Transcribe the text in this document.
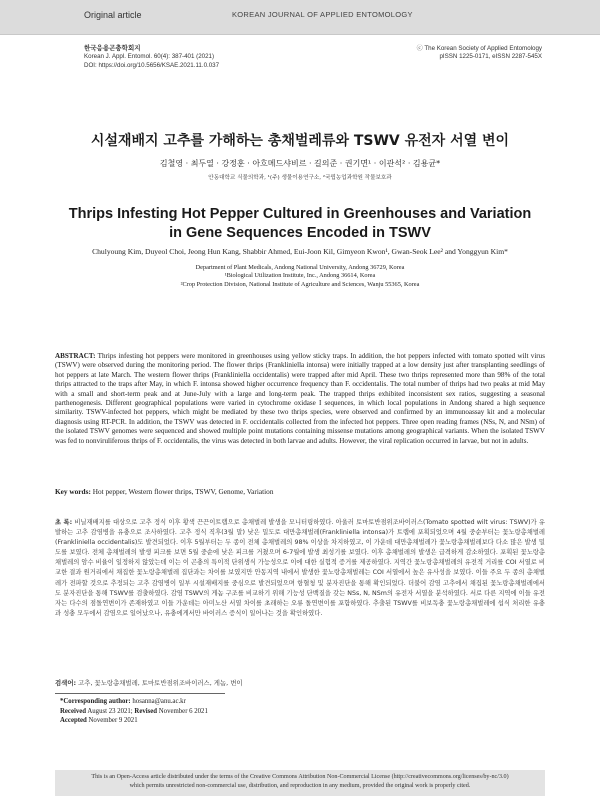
Original article	KOREAN JOURNAL OF APPLIED ENTOMOLOGY
한국응용곤충학회지
Korean J. Appl. Entomol. 60(4): 387-401 (2021)
DOI: https://doi.org/10.5656/KSAE.2021.11.0.037
ⓒ The Korean Society of Applied Entomology
pISSN 1225-0171, eISSN 2287-545X
시설재배지 고추를 가해하는 총채벌레류와 TSWV 유전자 서열 변이
김철영 · 최두열 · 강정훈 · 아흐메드샤비르 · 길의준 · 권기면¹ · 이관석² · 김용균*
안동대학교 식물의학과, ¹(주) 생물이용연구소, ²국립농업과학원 작물보호과
Thrips Infesting Hot Pepper Cultured in Greenhouses and Variation
in Gene Sequences Encoded in TSWV
Chulyoung Kim, Duyeol Choi, Jeong Hun Kang, Shabbir Ahmed, Eui-Joon Kil, Gimyeon Kwon¹, Gwan-Seok Lee² and Yonggyun Kim*
Department of Plant Medicals, Andong National University, Andong 36729, Korea
¹Biological Utilization Institute, Inc., Andong 36614, Korea
²Crop Protection Division, National Institute of Agriculture and Sciences, Wanju 55365, Korea
ABSTRACT: Thrips infesting hot peppers were monitored in greenhouses using yellow sticky traps. In addition, the hot peppers infected with tomato spotted wilt virus (TSWV) were observed during the monitoring period. The flower thrips (Frankliniella intonsa) were initially trapped at a low density just after transplanting seedlings of hot peppers at late March. The western flower thrips (Frankliniella occidentalis) were trapped after mid April. These two thrips represented more than 98% of the total thrips attracted to the traps after May, in which F. intonsa showed higher occurrence frequency than F. occidentalis. The total number of thrips had two peaks at mid May with a small and short-term peak and at June-July with a large and long-term peak. The trapped thrips exhibited inconsistent sex ratios, suggesting a seasonal parthenogenesis. Different geographical populations were varied in cytochrome oxidase I sequences, in which local populations in Andong shared a high sequence similarity. TSWV-infected hot peppers, which might be mediated by these two thrips species, were observed and confirmed by an immunoassay kit and a molecular diagnosis using RT-PCR. In addition, the TSWV was detected in F. occidentalis collected from the infected hot peppers. Three open reading frames (NSs, N, and NSm) of the isolated TSWV genomes were sequenced and showed multiple point mutations containing missense mutations among geographical variants. When the isolated TSWV was fed to nonviruliferous thrips of F. occidentalis, the virus was detected in both larvae and adults. However, the viral replication occurred in larvae, but not in adults.
Key words: Hot pepper, Western flower thrips, TSWV, Genome, Variation
초 록: 비닐재배지를 대상으로 고추 정식 이후 황색 끈끈이트랩으로 총채벌레 발생을 모니터링하였다. 아울러 토마토반점위조바이러스(Tomato spotted wilt virus: TSWV)가 유발하는 고추 감염병을 유충으로 조사하였다. 고추 정식 직후(3월 말) 낮은 밀도로 대만총채벌레(Frankliniella intonsa)가 트랩에 포획되었으며 4월 중순부터는 꽃노랑총채벌레(Frankliniella occidentalis)도 발견되었다. 이후 5월부터는 두 종이 전체 총채벌레의 98% 이상을 차지하였고, 이 가운데 대만총채벌레가 꽃노랑총채벌레보다 다소 많은 발생 밀도를 보였다. 전체 총채벌레의 발생 피크를 보면 5월 중순에 낮은 피크를 거쳤으며 6-7월에 발생 최성기를 보였다. 이후 총채벌레의 발생은 급격하게 감소하였다. 포획된 꽃노랑총채벌레의 암수 비율이 일정하지 않았는데 이는 이 곤충의 특이적 단위생식 가능성으로 이에 대한 실험적 증거를 제공하였다. 지역간 꽃노랑총채벌레의 유전적 거리를 COI 서열로 비교한 결과 원거리에서 채집한 꽃노랑총채벌레 집단과는 차이를 보였지만 안동지역 내에서 발생한 꽃노랑총채벌레는 COI 서열에서 높은 유사성을 보였다. 이들 주요 두 종의 총채벌레가 전파할 것으로 추정되는 고추 감염병이 일부 시설재배지를 중심으로 발견되었으며 항혈청 및 분자진단을 통해 확인되었다. 더불어 감염 고추에서 채집된 꽃노랑총채벌레에서도 분자진단을 통해 TSWV를 검출하였다. 감염 TSWV의 게놈 구조를 비교하기 위해 기능성 단백질을 갖는 NSs, N, NSm의 유전자 서열을 분석하였다. 서로 다른 지역에 이들 유전자는 다수의 점돌연변이가 존재하였고 이들 가운데는 아미노산 서열 차이를 초래하는 오류 돌연변이를 포함하였다. 추출된 TSWV를 비보독충 꽃노랑총채벌레에 섭식 처리한 유충과 성충 모두에서 감염으로 일어났으나, 유충에게서만 바이러스 증식이 일어나는 것을 확인하였다.
검색어: 고추, 꽃노랑총채벌레, 토마토반점위조바이러스, 게놈, 변이
*Corresponding author: hosanna@anu.ac.kr
Received August 23 2021; Revised November 6 2021
Accepted November 9 2021
This is an Open-Access article distributed under the terms of the Creative Commons Attribution Non-Commercial License (http://creativecommons.org/licenses/by-nc/3.0)
which permits unrestricted non-commercial use, distribution, and reproduction in any medium, provided the original work is properly cited.
